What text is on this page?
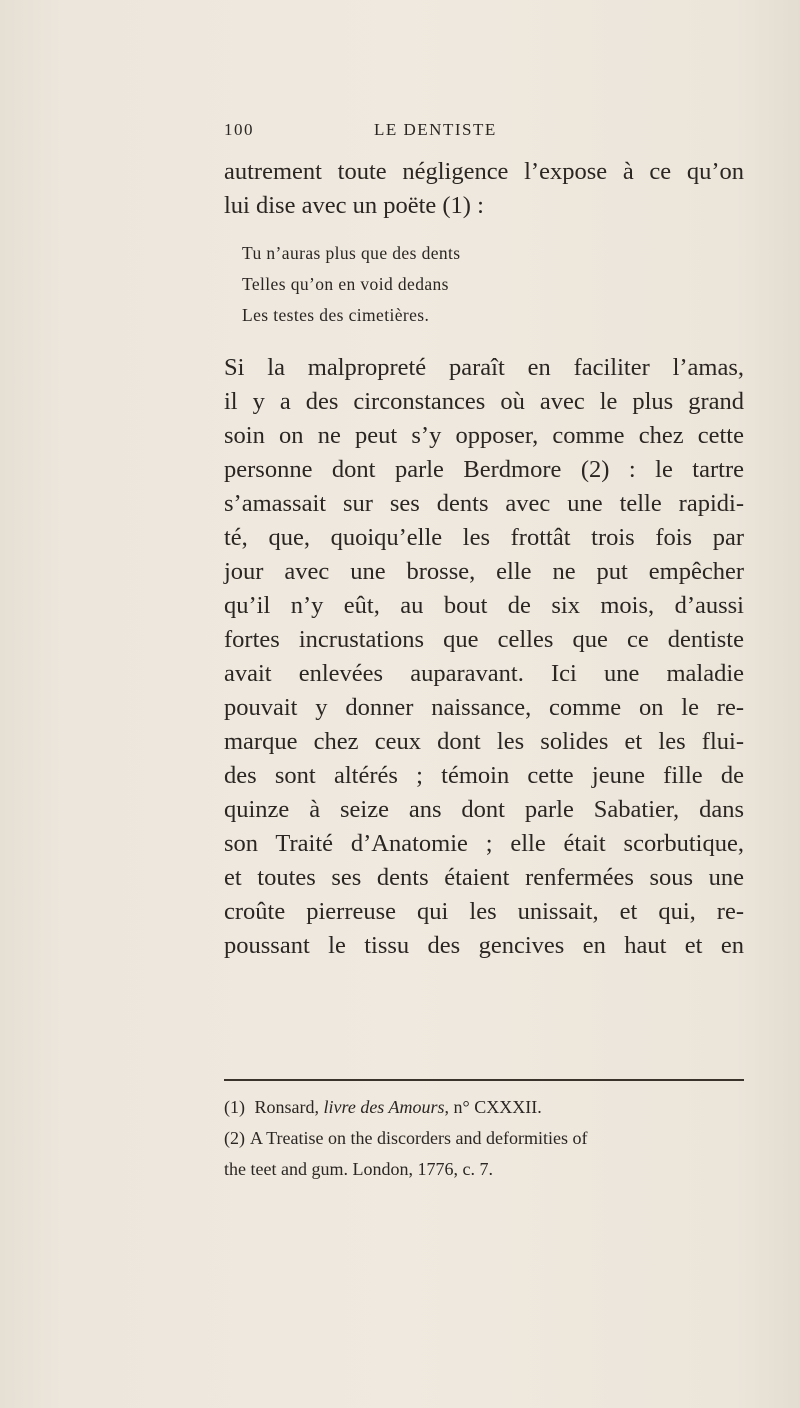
100	LE DENTISTE
autrement toute négligence l’expose à ce qu’on
lui dise avec un poëte (1) :
Tu n’auras plus que des dents
Telles qu’on en void dedans
Les testes des cimetières.
Si la malpropreté paraît en faciliter l’amas,
il y a des circonstances où avec le plus grand
soin on ne peut s’y opposer, comme chez cette
personne dont parle Berdmore (2) : le tartre
s’amassait sur ses dents avec une telle rapidi-
té, que, quoiqu’elle les frottât trois fois par
jour avec une brosse, elle ne put empêcher
qu’il n’y eût, au bout de six mois, d’aussi
fortes incrustations que celles que ce dentiste
avait enlevées auparavant. Ici une maladie
pouvait y donner naissance, comme on le re-
marque chez ceux dont les solides et les flui-
des sont altérés ; témoin cette jeune fille de
quinze à seize ans dont parle Sabatier, dans
son Traité d’Anatomie ; elle était scorbutique,
et toutes ses dents étaient renfermées sous une
croûte pierreuse qui les unissait, et qui, re-
poussant le tissu des gencives en haut et en
(1) Ronsard, livre des Amours, n° CXXXII.
(2) A Treatise on the discorders and deformities of
the teet and gum. London, 1776, c. 7.
